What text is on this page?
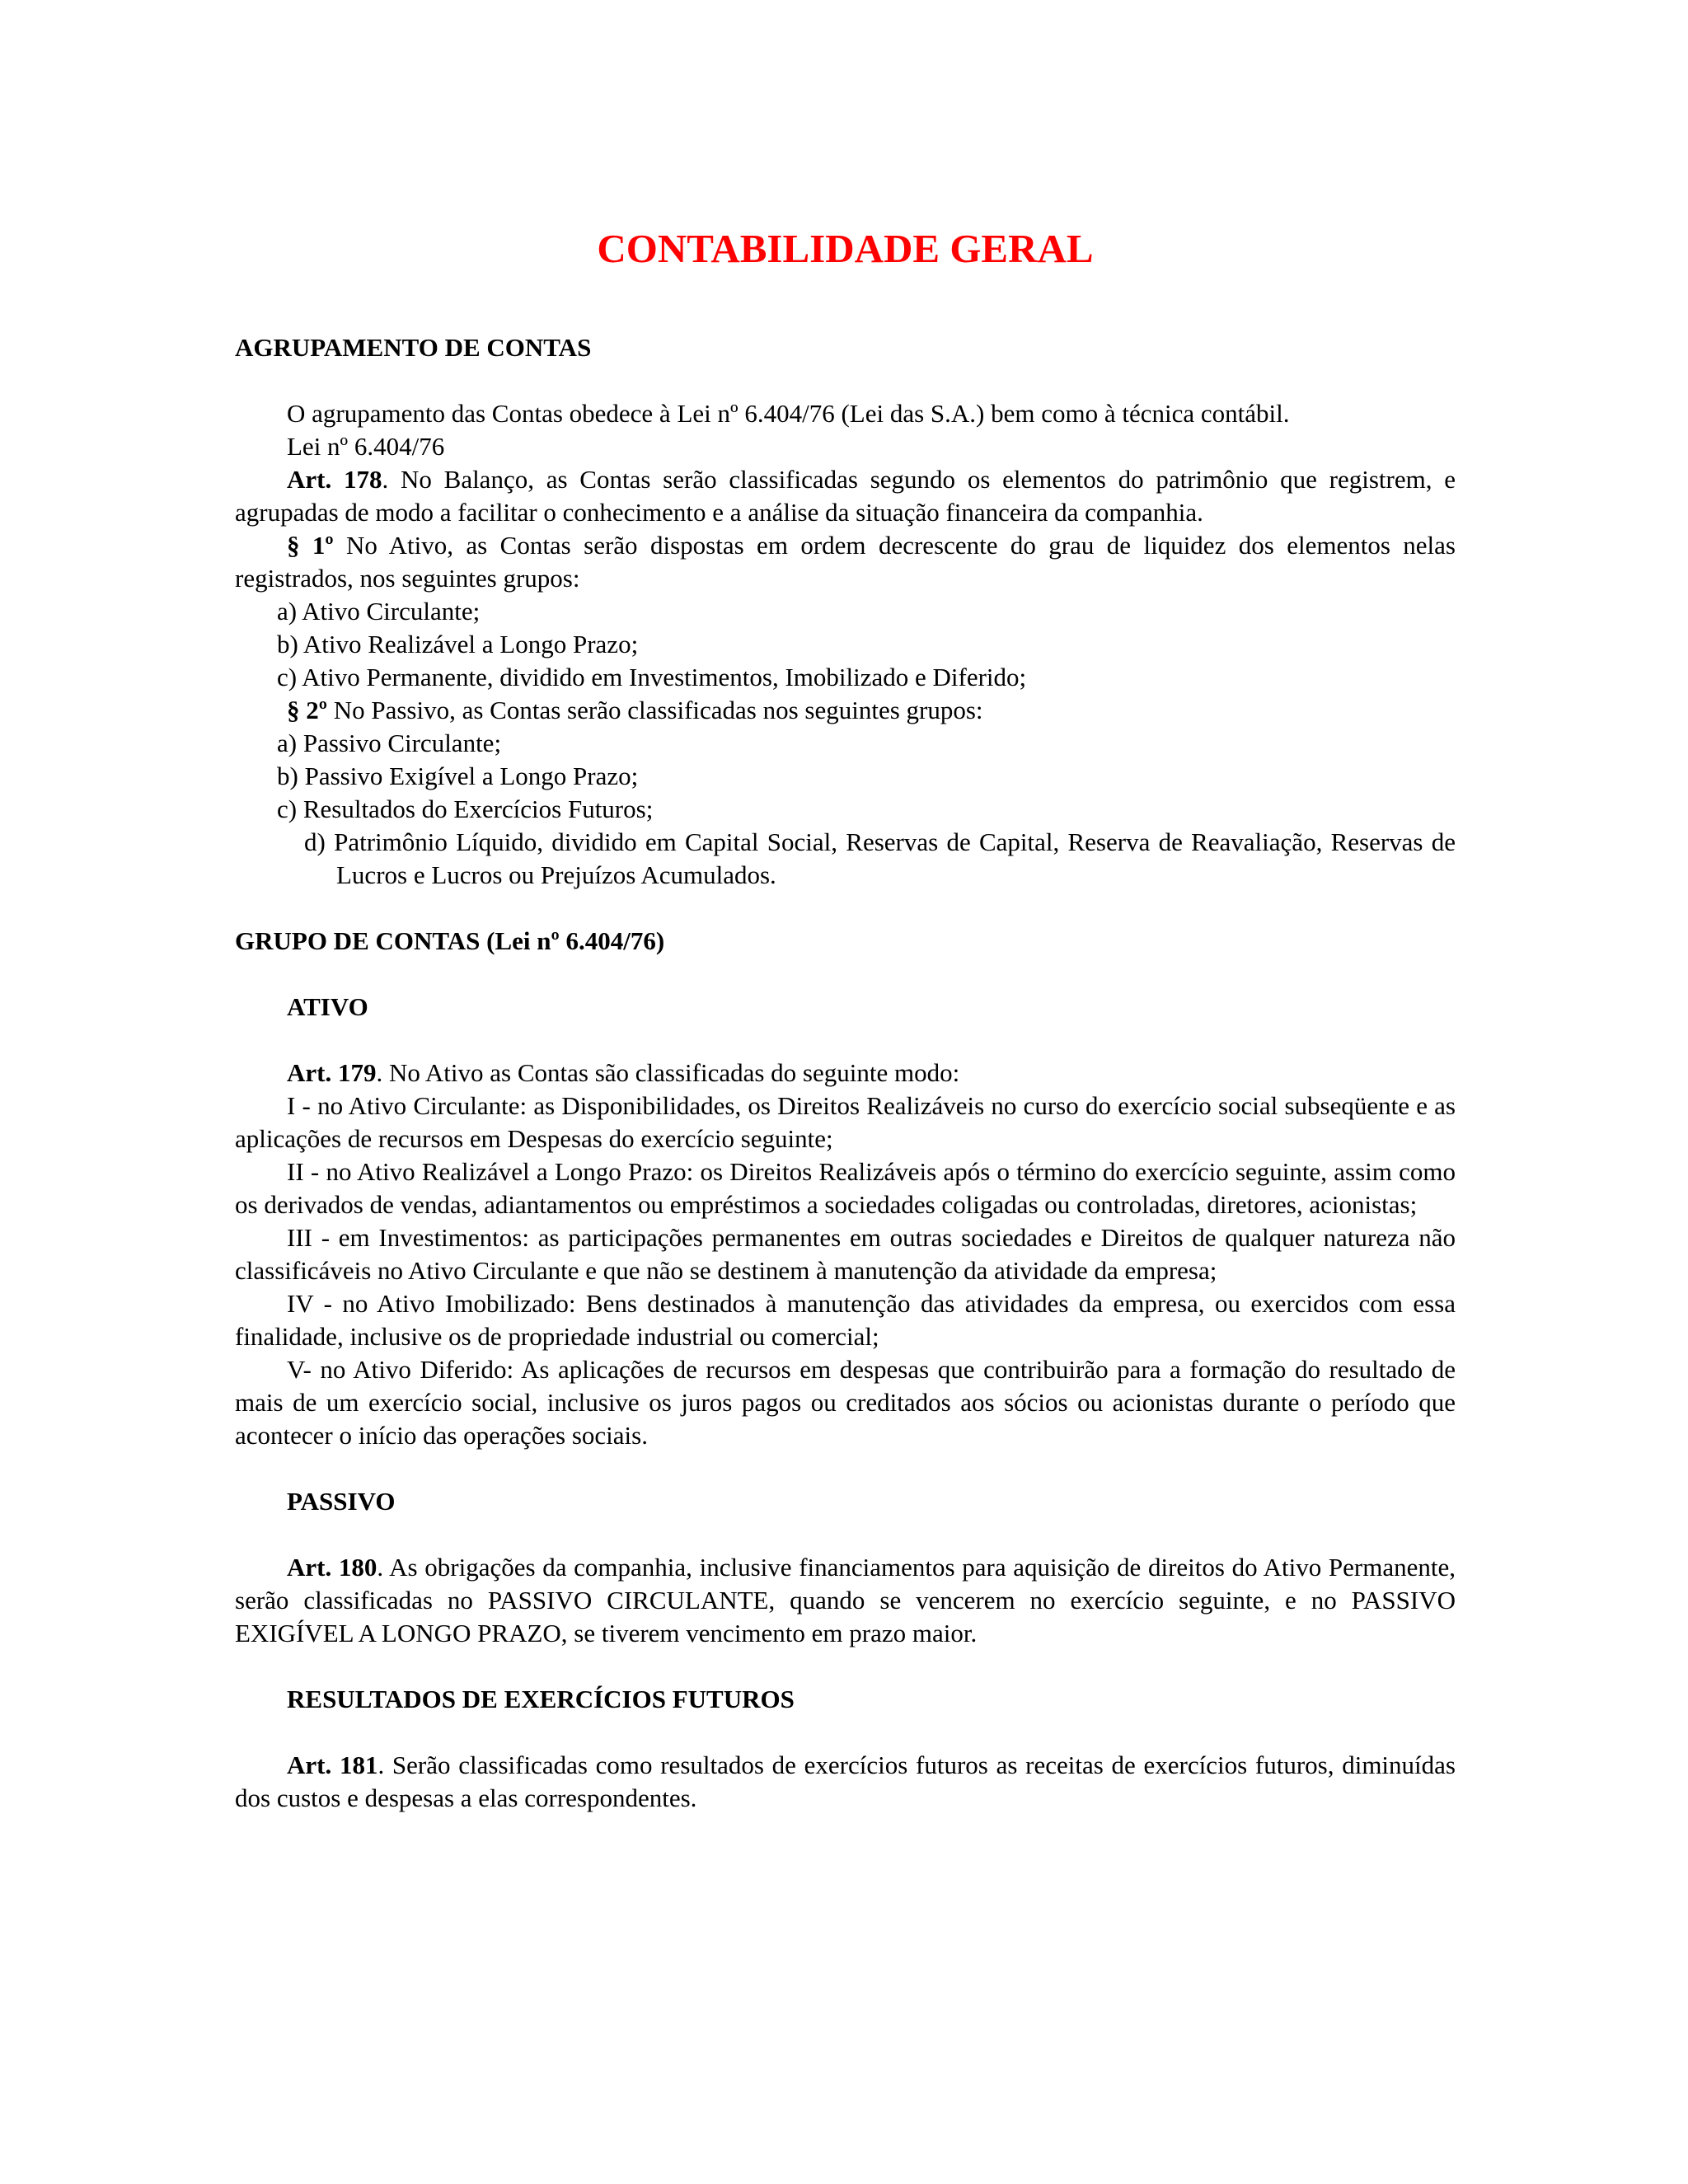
CONTABILIDADE GERAL

AGRUPAMENTO DE CONTAS

O agrupamento das Contas obedece à Lei nº 6.404/76 (Lei das S.A.) bem como à técnica contábil.

Lei nº 6.404/76

Art. 178. No Balanço, as Contas serão classificadas segundo os elementos do patrimônio que registrem, e agrupadas de modo a facilitar o conhecimento e a análise da situação financeira da companhia.

§ 1º No Ativo, as Contas serão dispostas em ordem decrescente do grau de liquidez dos elementos nelas registrados, nos seguintes grupos:

a) Ativo Circulante;

b) Ativo Realizável a Longo Prazo;

c) Ativo Permanente, dividido em Investimentos, Imobilizado e Diferido;

§ 2º No Passivo, as Contas serão classificadas nos seguintes grupos:

a) Passivo Circulante;

b) Passivo Exigível a Longo Prazo;

c) Resultados do Exercícios Futuros;

d) Patrimônio Líquido, dividido em Capital Social, Reservas de Capital, Reserva de Reavaliação, Reservas de Lucros e Lucros ou Prejuízos Acumulados.

GRUPO DE CONTAS (Lei nº 6.404/76)

ATIVO

Art. 179. No Ativo as Contas são classificadas do seguinte modo:

I - no Ativo Circulante: as Disponibilidades, os Direitos Realizáveis no curso do exercício social subseqüente e as aplicações de recursos em Despesas do exercício seguinte;

II - no Ativo Realizável a Longo Prazo: os Direitos Realizáveis após o término do exercício seguinte, assim como os derivados de vendas, adiantamentos ou empréstimos a sociedades coligadas ou controladas, diretores, acionistas;

III - em Investimentos: as participações permanentes em outras sociedades e Direitos de qualquer natureza não classificáveis no Ativo Circulante e que não se destinem à manutenção da atividade da empresa;

IV - no Ativo Imobilizado: Bens destinados à manutenção das atividades da empresa, ou exercidos com essa finalidade, inclusive os de propriedade industrial ou comercial;

V- no Ativo Diferido: As aplicações de recursos em despesas que contribuirão para a formação do resultado de mais de um exercício social, inclusive os juros pagos ou creditados aos sócios ou acionistas durante o período que acontecer o início das operações sociais.

PASSIVO

Art. 180. As obrigações da companhia, inclusive financiamentos para aquisição de direitos do Ativo Permanente, serão classificadas no PASSIVO CIRCULANTE, quando se vencerem no exercício seguinte, e no PASSIVO EXIGÍVEL A LONGO PRAZO, se tiverem vencimento em prazo maior.

RESULTADOS DE EXERCÍCIOS FUTUROS

Art. 181. Serão classificadas como resultados de exercícios futuros as receitas de exercícios futuros, diminuídas dos custos e despesas a elas correspondentes.
